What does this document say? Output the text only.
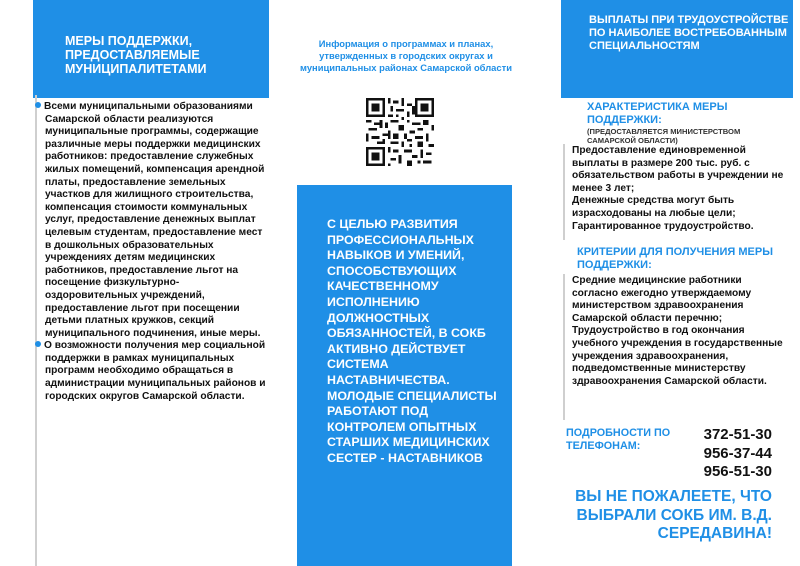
МЕРЫ ПОДДЕРЖКИ, ПРЕДОСТАВЛЯЕМЫЕ МУНИЦИПАЛИТЕТАМИ

Всеми муниципальными образованиями Самарской области реализуются муниципальные программы, содержащие различные меры поддержки медицинских работников: предоставление служебных жилых помещений, компенсация арендной платы, предоставление земельных участков для жилищного строительства, компенсация стоимости коммунальных услуг, предоставление денежных выплат целевым студентам, предоставление мест в дошкольных образовательных учреждениях детям медицинских работников, предоставление льгот на посещение физкультурно-оздоровительных учреждений, предоставление льгот при посещении детьми платных кружков, секций муниципального подчинения, иные меры.

О возможности получения мер социальной поддержки в рамках муниципальных программ необходимо обращаться в администрации муниципальных районов и городских округов Самарской области.

Информация о программах и планах, утвержденных в городских округах и муниципальных районах Самарской области
С ЦЕЛЬЮ РАЗВИТИЯ ПРОФЕССИОНАЛЬНЫХ НАВЫКОВ И УМЕНИЙ, СПОСОБСТВУЮЩИХ КАЧЕСТВЕННОМУ ИСПОЛНЕНИЮ ДОЛЖНОСТНЫХ ОБЯЗАННОСТЕЙ, В СОКБ АКТИВНО ДЕЙСТВУЕТ СИСТЕМА НАСТАВНИЧЕСТВА. МОЛОДЫЕ СПЕЦИАЛИСТЫ РАБОТАЮТ ПОД КОНТРОЛЕМ ОПЫТНЫХ СТАРШИХ МЕДИЦИНСКИХ СЕСТЕР - НАСТАВНИКОВ
ВЫПЛАТЫ ПРИ ТРУДОУСТРОЙСТВЕ ПО НАИБОЛЕЕ ВОСТРЕБОВАННЫМ СПЕЦИАЛЬНОСТЯМ
ХАРАКТЕРИСТИКА МЕРЫ ПОДДЕРЖКИ:
(ПРЕДОСТАВЛЯЕТСЯ МИНИСТЕРСТВОМ САМАРСКОЙ ОБЛАСТИ)
Предоставление единовременной выплаты в размере 200 тыс. руб. с обязательством работы в учреждении не менее 3 лет;
Денежные средства могут быть израсходованы на любые цели;
Гарантированное трудоустройство.
КРИТЕРИИ ДЛЯ ПОЛУЧЕНИЯ МЕРЫ ПОДДЕРЖКИ:
Средние медицинские работники согласно ежегодно утверждаемому министерством здравоохранения Самарской области перечню;
Трудоустройство в год окончания учебного учреждения в государственные учреждения здравоохранения, подведомственные министерству здравоохранения Самарской области.
ПОДРОБНОСТИ ПО ТЕЛЕФОНАМ:
372-51-30
956-37-44
956-51-30
ВЫ НЕ ПОЖАЛЕЕТЕ, ЧТО ВЫБРАЛИ СОКБ ИМ. В.Д. СЕРЕДАВИНА!
